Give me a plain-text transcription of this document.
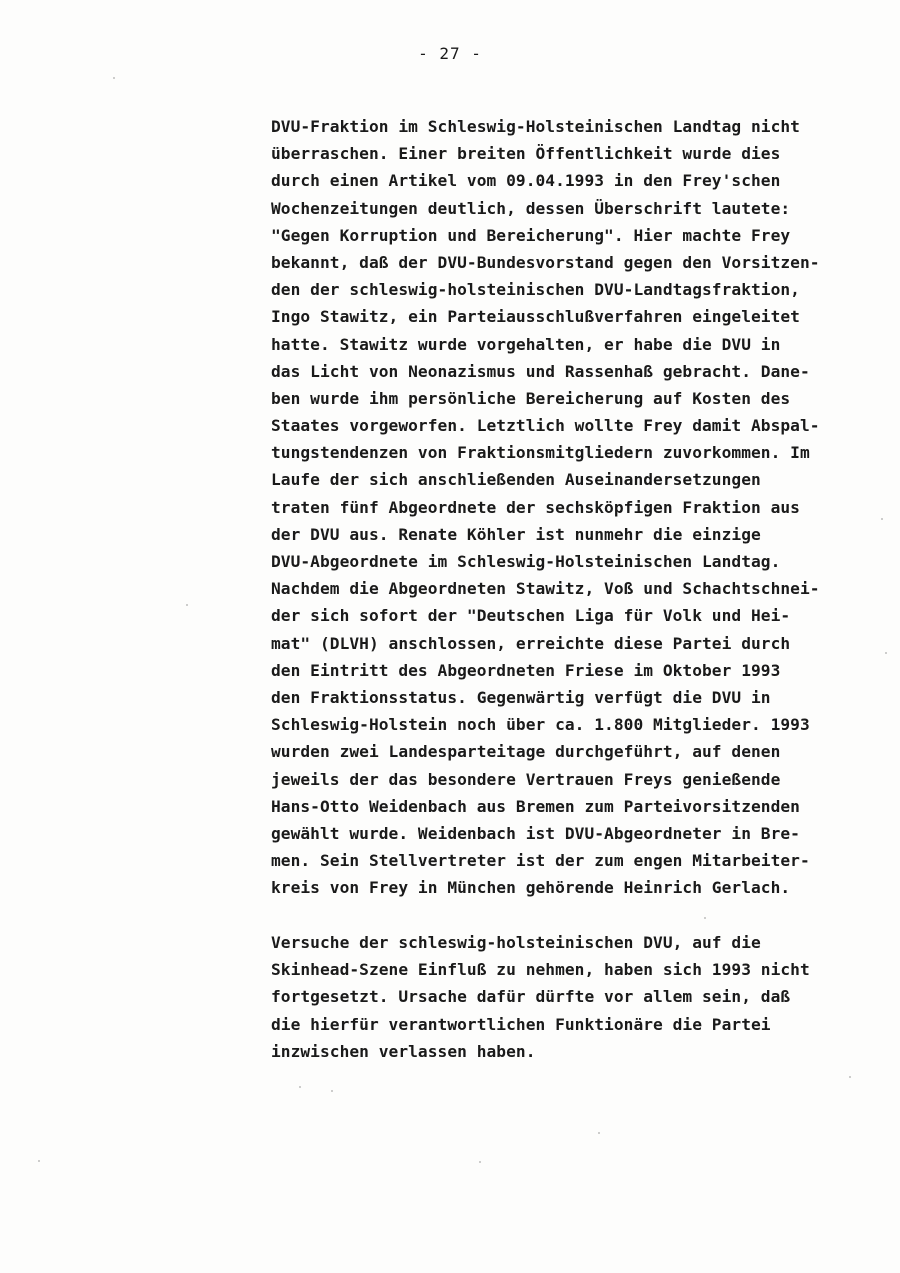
- 27 -
DVU-Fraktion im Schleswig-Holsteinischen Landtag nicht
überraschen. Einer breiten Öffentlichkeit wurde dies
durch einen Artikel vom 09.04.1993 in den Frey'schen
Wochenzeitungen deutlich, dessen Überschrift lautete:
"Gegen Korruption und Bereicherung". Hier machte Frey
bekannt, daß der DVU-Bundesvorstand gegen den Vorsitzen-
den der schleswig-holsteinischen DVU-Landtagsfraktion,
Ingo Stawitz, ein Parteiausschlußverfahren eingeleitet
hatte. Stawitz wurde vorgehalten, er habe die DVU in
das Licht von Neonazismus und Rassenhaß gebracht. Dane-
ben wurde ihm persönliche Bereicherung auf Kosten des
Staates vorgeworfen. Letztlich wollte Frey damit Abspal-
tungstendenzen von Fraktionsmitgliedern zuvorkommen. Im
Laufe der sich anschließenden Auseinandersetzungen
traten fünf Abgeordnete der sechsköpfigen Fraktion aus
der DVU aus. Renate Köhler ist nunmehr die einzige
DVU-Abgeordnete im Schleswig-Holsteinischen Landtag.
Nachdem die Abgeordneten Stawitz, Voß und Schachtschnei-
der sich sofort der "Deutschen Liga für Volk und Hei-
mat" (DLVH) anschlossen, erreichte diese Partei durch
den Eintritt des Abgeordneten Friese im Oktober 1993
den Fraktionsstatus. Gegenwärtig verfügt die DVU in
Schleswig-Holstein noch über ca. 1.800 Mitglieder. 1993
wurden zwei Landesparteitage durchgeführt, auf denen
jeweils der das besondere Vertrauen Freys genießende
Hans-Otto Weidenbach aus Bremen zum Parteivorsitzenden
gewählt wurde. Weidenbach ist DVU-Abgeordneter in Bre-
men. Sein Stellvertreter ist der zum engen Mitarbeiter-
kreis von Frey in München gehörende Heinrich Gerlach.
Versuche der schleswig-holsteinischen DVU, auf die
Skinhead-Szene Einfluß zu nehmen, haben sich 1993 nicht
fortgesetzt. Ursache dafür dürfte vor allem sein, daß
die hierfür verantwortlichen Funktionäre die Partei
inzwischen verlassen haben.
